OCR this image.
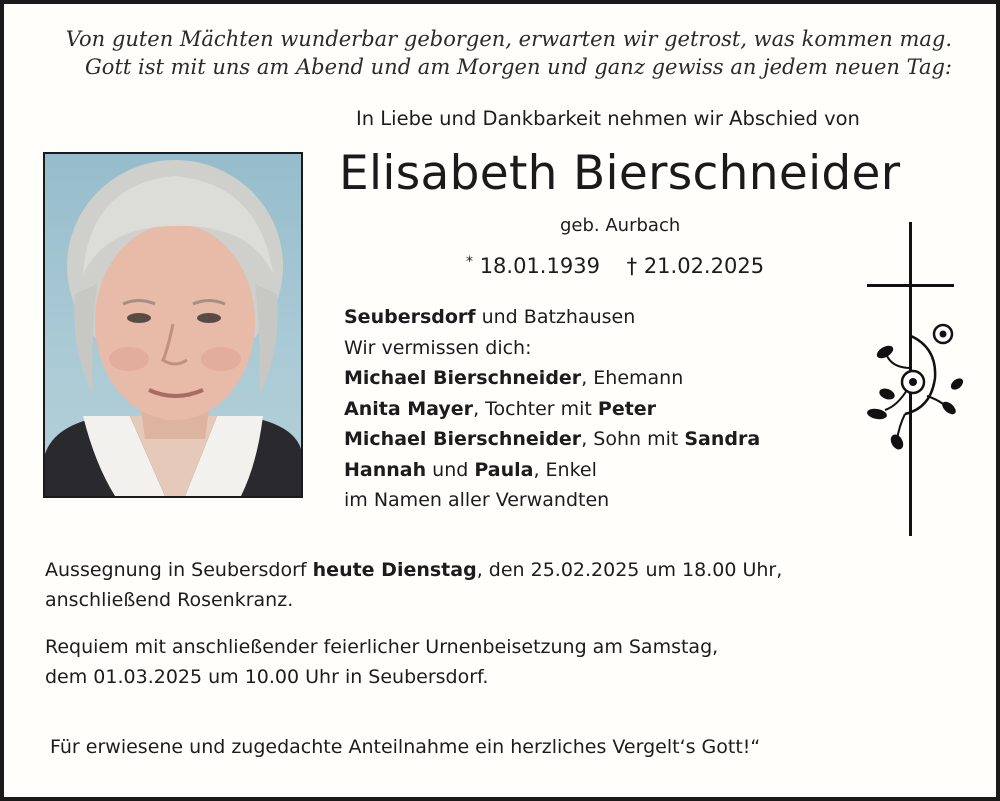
Von guten Mächten wunderbar geborgen, erwarten wir getrost, was kommen mag.
Gott ist mit uns am Abend und am Morgen und ganz gewiss an jedem neuen Tag:
In Liebe und Dankbarkeit nehmen wir Abschied von
Elisabeth Bierschneider
geb. Aurbach
* 18.01.1939 † 21.02.2025
Seubersdorf und Batzhausen
Wir vermissen dich:
Michael Bierschneider, Ehemann
Anita Mayer, Tochter mit Peter
Michael Bierschneider, Sohn mit Sandra
Hannah und Paula, Enkel
im Namen aller Verwandten
Aussegnung in Seubersdorf heute Dienstag, den 25.02.2025 um 18.00 Uhr,
anschließend Rosenkranz.
Requiem mit anschließender feierlicher Urnenbeisetzung am Samstag,
dem 01.03.2025 um 10.00 Uhr in Seubersdorf.
Für erwiesene und zugedachte Anteilnahme ein herzliches Vergelt‘s Gott!“
